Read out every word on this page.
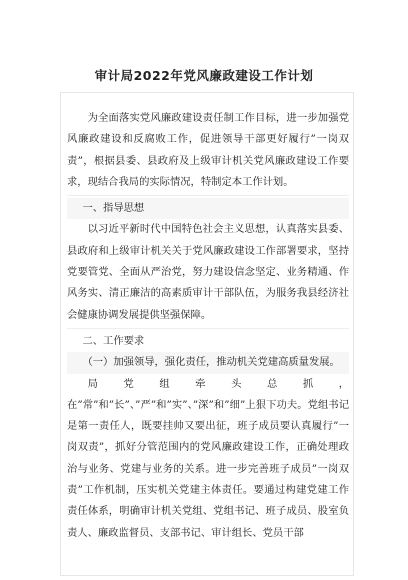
审计局2022年党风廉政建设工作计划

为全面落实党风廉政建设责任制工作目标，进一步加强党风廉政建设和反腐败工作，促进领导干部更好履行”一岗双责”，根据县委、县政府及上级审计机关党风廉政建设工作要求，现结合我局的实际情况，特制定本工作计划。

一、指导思想

以习近平新时代中国特色社会主义思想，认真落实县委、县政府和上级审计机关关于党风廉政建设工作部署要求，坚持党要管党、全面从严治党，努力建设信念坚定、业务精通、作风务实、清正廉洁的高素质审计干部队伍，为服务我县经济社会健康协调发展提供坚强保障。

二、工作要求

（一）加强领导，强化责任，推动机关党建高质量发展。

局党组牵头总抓，在”常”和”长”、”严”和”实”、”深”和”细”上狠下功夫。党组书记是第一责任人，既要挂帅又要出征，班子成员要认真履行”一岗双责”，抓好分管范围内的党风廉政建设工作，正确处理政治与业务、党建与业务的关系。进一步完善班子成员”一岗双责”工作机制，压实机关党建主体责任。要通过构建党建工作责任体系，明确审计机关党组、党组书记、班子成员、股室负责人、廉政监督员、支部书记、审计组长、党员干部
